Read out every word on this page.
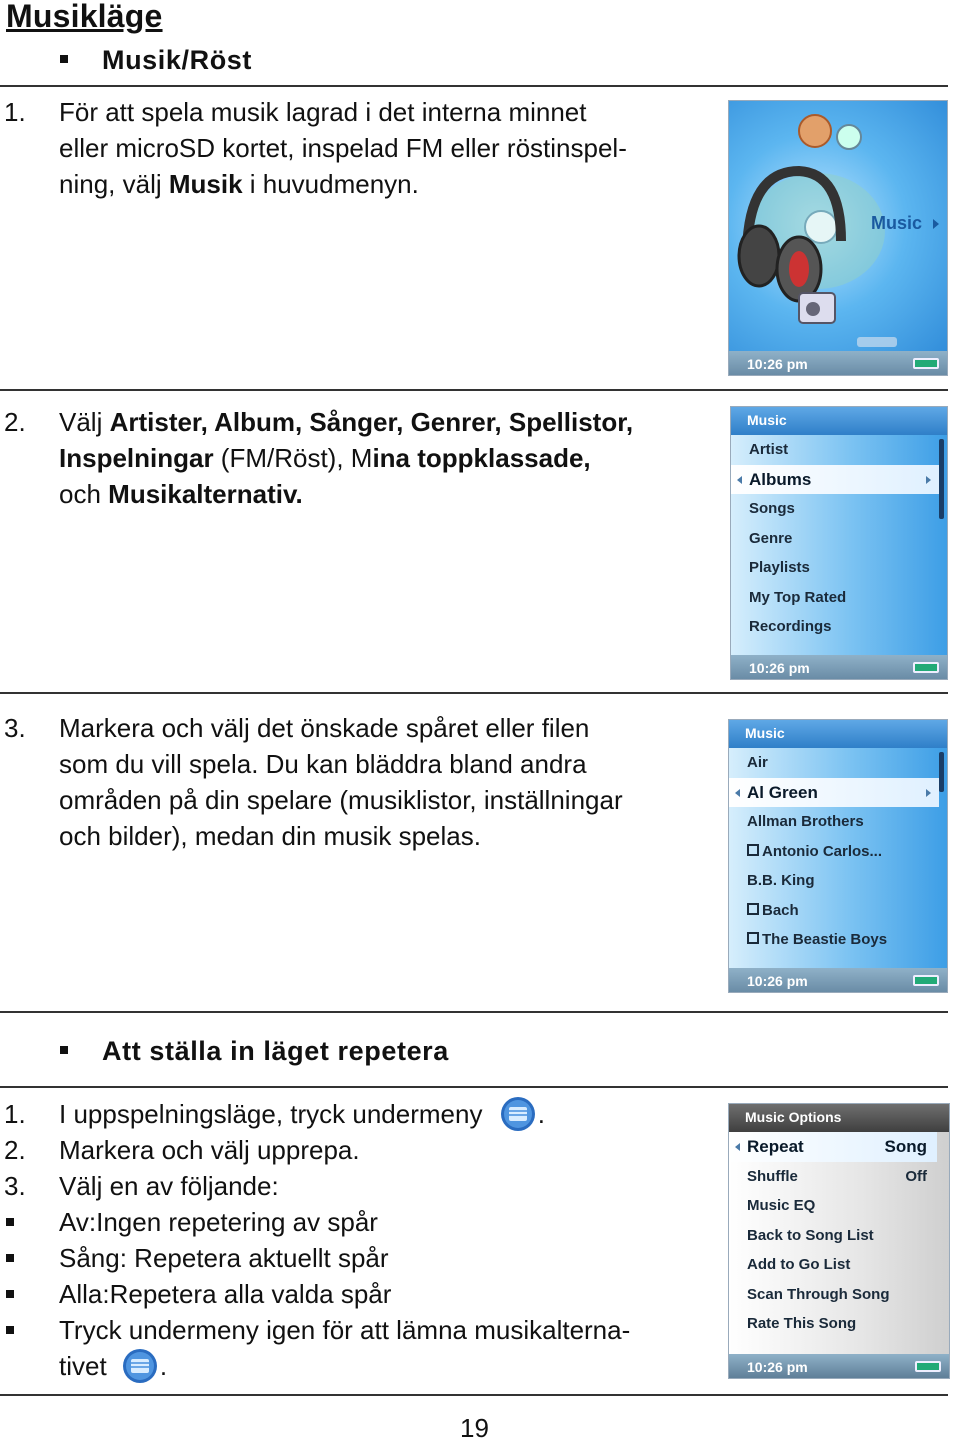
Musikläge
Musik/Röst
1. För att spela musik lagrad i det interna minnet

eller microSD kortet, inspelad FM eller röstinspel-

ning, välj Musik i huvudmenyn.

Music
10:26 pm
2. Välj Artister, Album, Sånger, Genrer, Spellistor,

Inspelningar (FM/Röst), Mina toppklassade,

och Musikalternativ.

Music
Artist
Albums
Songs
Genre
Playlists
My Top Rated
Recordings
10:26 pm
3. Markera och välj det önskade spåret eller filen

som du vill spela. Du kan bläddra bland andra

områden på din spelare (musiklistor, inställningar

och bilder), medan din musik spelas.

Music
Air
Al Green
Allman Brothers
Antonio Carlos...
B.B. King
Bach
The Beastie Boys
10:26 pm
Att ställa in läget repetera
1. I uppspelningsläge, tryck undermeny .

2. Markera och välj upprepa.
3. Välj en av följande:
Av:Ingen repetering av spår
Sång: Repetera aktuellt spår
Alla:Repetera alla valda spår

Tryck undermeny igen för att lämna musikalterna-

tivet .

Music Options
Repeat	Song
Shuffle	Off
Music EQ
Back to Song List
Add to Go List
Scan Through Song
Rate This Song
10:26 pm
19
